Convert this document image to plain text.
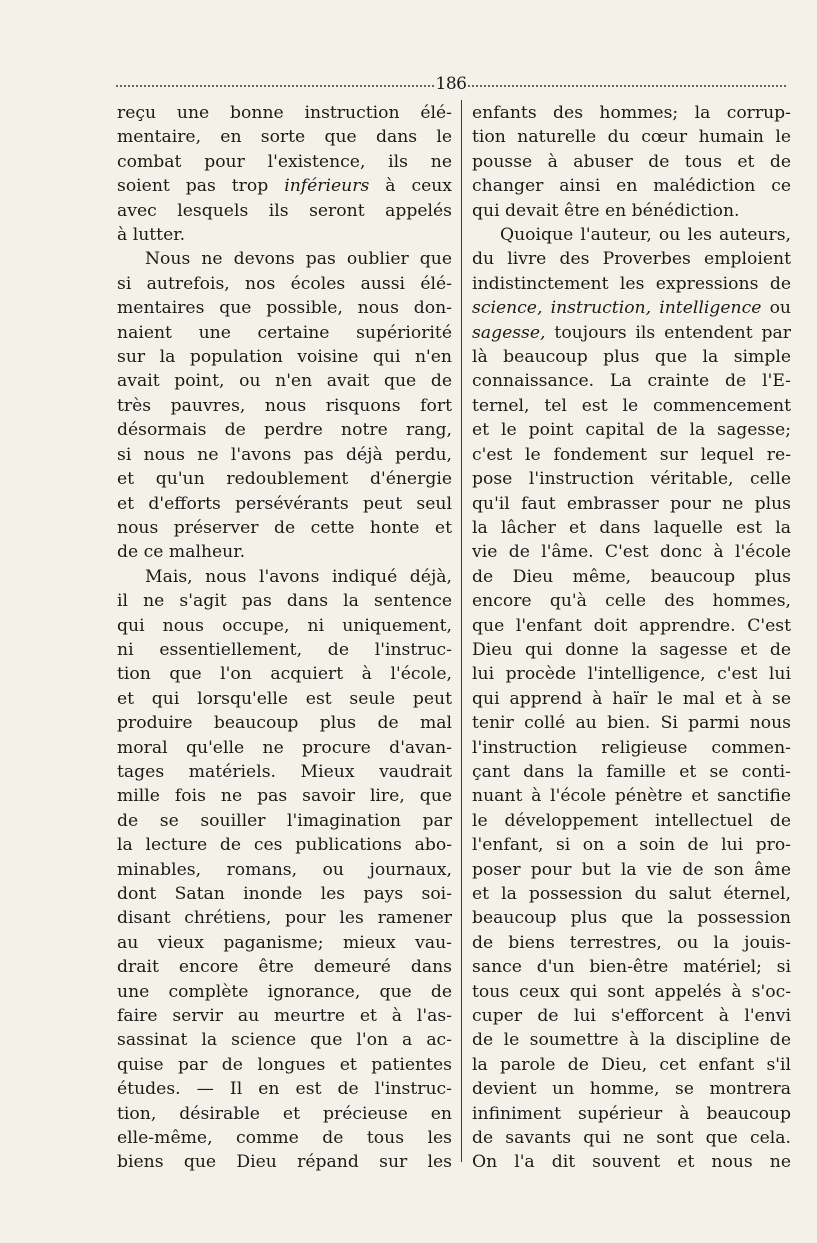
186
reçu une bonne instruction élé-
mentaire, en sorte que dans le
combat pour l'existence, ils ne
soient pas trop inférieurs à ceux
avec lesquels ils seront appelés
à lutter.
Nous ne devons pas oublier que
si autrefois, nos écoles aussi élé-
mentaires que possible, nous don-
naient une certaine supériorité
sur la population voisine qui n'en
avait point, ou n'en avait que de
très pauvres, nous risquons fort
désormais de perdre notre rang,
si nous ne l'avons pas déjà perdu,
et qu'un redoublement d'énergie
et d'efforts persévérants peut seul
nous préserver de cette honte et
de ce malheur.
Mais, nous l'avons indiqué déjà,
il ne s'agit pas dans la sentence
qui nous occupe, ni uniquement,
ni essentiellement, de l'instruc-
tion que l'on acquiert à l'école,
et qui lorsqu'elle est seule peut
produire beaucoup plus de mal
moral qu'elle ne procure d'avan-
tages matériels. Mieux vaudrait
mille fois ne pas savoir lire, que
de se souiller l'imagination par
la lecture de ces publications abo-
minables, romans, ou journaux,
dont Satan inonde les pays soi-
disant chrétiens, pour les ramener
au vieux paganisme; mieux vau-
drait encore être demeuré dans
une complète ignorance, que de
faire servir au meurtre et à l'as-
sassinat la science que l'on a ac-
quise par de longues et patientes
études. — Il en est de l'instruc-
tion, désirable et précieuse en
elle-même, comme de tous les
biens que Dieu répand sur les
enfants des hommes; la corrup-
tion naturelle du cœur humain le
pousse à abuser de tous et de
changer ainsi en malédiction ce
qui devait être en bénédiction.
Quoique l'auteur, ou les auteurs,
du livre des Proverbes emploient
indistinctement les expressions de
science, instruction, intelligence ou
sagesse, toujours ils entendent par
là beaucoup plus que la simple
connaissance. La crainte de l'E-
ternel, tel est le commencement
et le point capital de la sagesse;
c'est le fondement sur lequel re-
pose l'instruction véritable, celle
qu'il faut embrasser pour ne plus
la lâcher et dans laquelle est la
vie de l'âme. C'est donc à l'école
de Dieu même, beaucoup plus
encore qu'à celle des hommes,
que l'enfant doit apprendre. C'est
Dieu qui donne la sagesse et de
lui procède l'intelligence, c'est lui
qui apprend à haïr le mal et à se
tenir collé au bien. Si parmi nous
l'instruction religieuse commen-
çant dans la famille et se conti-
nuant à l'école pénètre et sanctifie
le développement intellectuel de
l'enfant, si on a soin de lui pro-
poser pour but la vie de son âme
et la possession du salut éternel,
beaucoup plus que la possession
de biens terrestres, ou la jouis-
sance d'un bien-être matériel; si
tous ceux qui sont appelés à s'oc-
cuper de lui s'efforcent à l'envi
de le soumettre à la discipline de
la parole de Dieu, cet enfant s'il
devient un homme, se montrera
infiniment supérieur à beaucoup
de savants qui ne sont que cela.
On l'a dit souvent et nous ne
